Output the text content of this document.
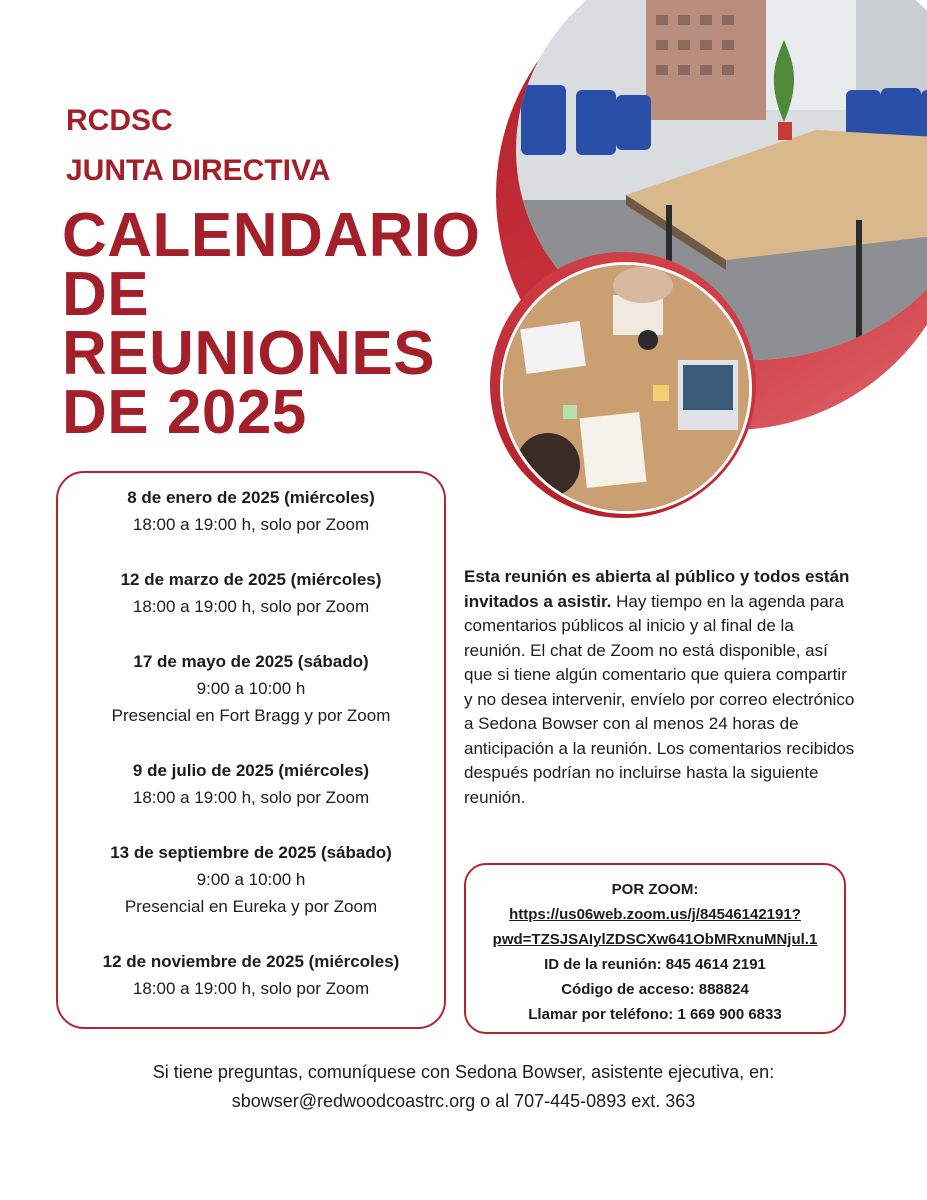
RCDSC
JUNTA DIRECTIVA
CALENDARIO DE REUNIONES DE 2025
8 de enero de 2025 (miércoles)
18:00 a 19:00 h, solo por Zoom
12 de marzo de 2025 (miércoles)
18:00 a 19:00 h, solo por Zoom
17 de mayo de 2025 (sábado)
9:00 a 10:00 h
Presencial en Fort Bragg y por Zoom
9 de julio de 2025 (miércoles)
18:00 a 19:00 h, solo por Zoom
13 de septiembre de 2025 (sábado)
9:00 a 10:00 h
Presencial en Eureka y por Zoom
12 de noviembre de 2025 (miércoles)
18:00 a 19:00 h, solo por Zoom

Esta reunión es abierta al público y todos están invitados a asistir. Hay tiempo en la agenda para comentarios públicos al inicio y al final de la reunión. El chat de Zoom no está disponible, así que si tiene algún comentario que quiera compartir y no desea intervenir, envíelo por correo electrónico a Sedona Bowser con al menos 24 horas de anticipación a la reunión. Los comentarios recibidos después podrían no incluirse hasta la siguiente reunión.

POR ZOOM:
https://us06web.zoom.us/j/84546142191?
pwd=TZSJSAIylZDSCXw641ObMRxnuMNjul.1
ID de la reunión: 845 4614 2191
Código de acceso: 888824
Llamar por teléfono: 1 669 900 6833
Si tiene preguntas, comuníquese con Sedona Bowser, asistente ejecutiva, en:
sbowser@redwoodcoastrc.org o al 707-445-0893 ext. 363
